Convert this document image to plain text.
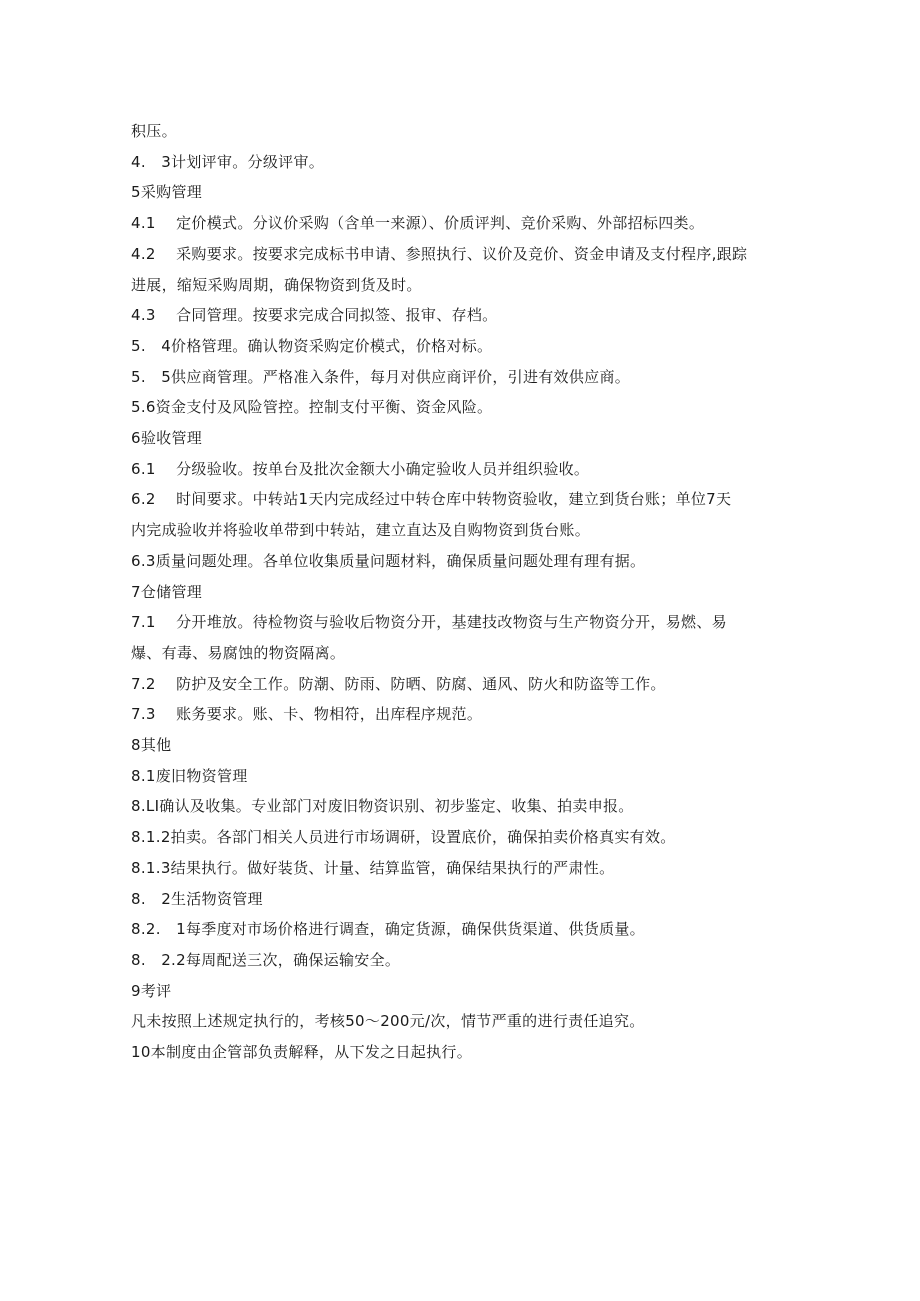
积压。
4.　3计划评审。分级评审。
5采购管理
4.1　 定价模式。分议价采购（含单一来源）、价质评判、竞价采购、外部招标四类。
4.2　 采购要求。按要求完成标书申请、参照执行、议价及竞价、资金申请及支付程序,跟踪
进展，缩短采购周期，确保物资到货及时。
4.3　 合同管理。按要求完成合同拟签、报审、存档。
5.　4价格管理。确认物资采购定价模式，价格对标。
5.　5供应商管理。严格准入条件，每月对供应商评价，引进有效供应商。
5.6资金支付及风险管控。控制支付平衡、资金风险。
6验收管理
6.1　 分级验收。按单台及批次金额大小确定验收人员并组织验收。
6.2　 时间要求。中转站1天内完成经过中转仓库中转物资验收，建立到货台账；单位7天
内完成验收并将验收单带到中转站，建立直达及自购物资到货台账。
6.3质量问题处理。各单位收集质量问题材料，确保质量问题处理有理有据。
7仓储管理
7.1　 分开堆放。待检物资与验收后物资分开，基建技改物资与生产物资分开，易燃、易
爆、有毒、易腐蚀的物资隔离。
7.2　 防护及安全工作。防潮、防雨、防晒、防腐、通风、防火和防盗等工作。
7.3　 账务要求。账、卡、物相符，出库程序规范。
8其他
8.1废旧物资管理
8.LI确认及收集。专业部门对废旧物资识别、初步鉴定、收集、拍卖申报。
8.1.2拍卖。各部门相关人员进行市场调研，设置底价，确保拍卖价格真实有效。
8.1.3结果执行。做好装货、计量、结算监管，确保结果执行的严肃性。
8.　2生活物资管理
8.2.　1每季度对市场价格进行调查，确定货源，确保供货渠道、供货质量。
8.　2.2每周配送三次，确保运输安全。
9考评
凡未按照上述规定执行的，考核50～200元/次，情节严重的进行责任追究。
10本制度由企管部负责解释，从下发之日起执行。
